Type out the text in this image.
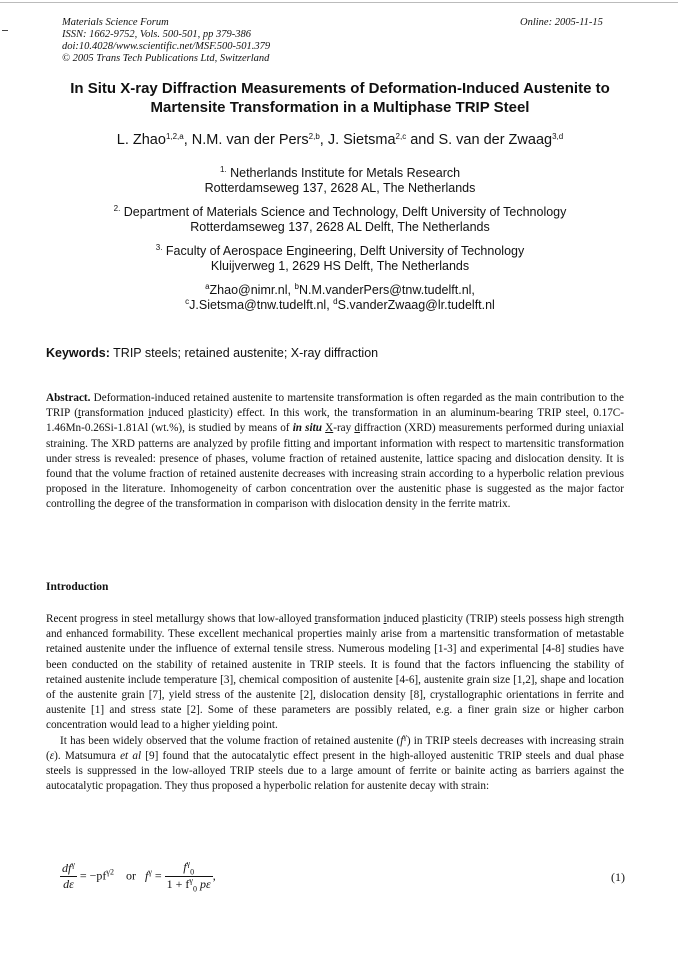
Materials Science Forum
ISSN: 1662-9752, Vols. 500-501, pp 379-386
doi:10.4028/www.scientific.net/MSF.500-501.379
© 2005 Trans Tech Publications Ltd, Switzerland
Online: 2005-11-15
In Situ X-ray Diffraction Measurements of Deformation-Induced Austenite to
Martensite Transformation in a Multiphase TRIP Steel
L. Zhao$^{1,2,a}$, N.M. van der Pers$^{2,b}$, J. Sietsma$^{2,c}$ and S. van der Zwaag$^{3,d}$
$^{1.}$ Netherlands Institute for Metals Research
Rotterdamseweg 137, 2628 AL, The Netherlands
$^{2.}$ Department of Materials Science and Technology, Delft University of Technology
Rotterdamseweg 137, 2628 AL Delft, The Netherlands
$^{3.}$ Faculty of Aerospace Engineering, Delft University of Technology
Kluijverweg 1, 2629 HS Delft, The Netherlands
$^a$Zhao@nimr.nl, $^b$N.M.vanderPers@tnw.tudelft.nl,
$^c$J.Sietsma@tnw.tudelft.nl, $^d$S.vanderZwaag@lr.tudelft.nl
Keywords: TRIP steels; retained austenite; X-ray diffraction

Abstract. Deformation-induced retained austenite to martensite transformation is often regarded as the main contribution to the TRIP (transformation induced plasticity) effect. In this work, the transformation in an aluminum-bearing TRIP steel, 0.17C-1.46Mn-0.26Si-1.81Al (wt.%), is studied by means of in situ X-ray diffraction (XRD) measurements performed during uniaxial straining. The XRD patterns are analyzed by profile fitting and important information with respect to martensitic transformation under stress is revealed: presence of phases, volume fraction of retained austenite, lattice spacing and dislocation density. It is found that the volume fraction of retained austenite decreases with increasing strain according to a hyperbolic relation previous proposed in the literature. Inhomogeneity of carbon concentration over the austenitic phase is suggested as the major factor controlling the degree of the transformation in comparison with dislocation density in the ferrite matrix.

Introduction

Recent progress in steel metallurgy shows that low-alloyed transformation induced plasticity (TRIP) steels possess high strength and enhanced formability. These excellent mechanical properties mainly arise from a martensitic transformation of metastable retained austenite under the influence of external tensile stress. Numerous modeling [1-3] and experimental [4-8] studies have been conducted on the stability of retained austenite in TRIP steels. It is found that the factors influencing the stability of retained austenite include temperature [3], chemical composition of austenite [4-6], austenite grain size [1,2], shape and location of the austenite grain [7], yield stress of the austenite [2], dislocation density [8], crystallographic orientations in ferrite and austenite [1] and stress state [2]. Some of these parameters are possibly related, e.g. a finer grain size or higher carbon concentration would lead to a higher yielding point.

It has been widely observed that the volume fraction of retained austenite $(f^\gamma)$ in TRIP steels decreases with increasing strain (ε). Matsumura et al [9] found that the autocatalytic effect present in the high-alloyed austenitic TRIP steels and dual phase steels is suppressed in the low-alloyed TRIP steels due to a large amount of ferrite or bainite acting as barriers against the autocatalytic propagation. They thus proposed a hyperbolic relation for austenite decay with strain:

$\frac{df^\gamma}{d\varepsilon} = -pf^{\gamma 2}$ or $f^\gamma = \frac{f^\gamma_0}{1 + f^\gamma_0 p\varepsilon}$ ,	(1)
